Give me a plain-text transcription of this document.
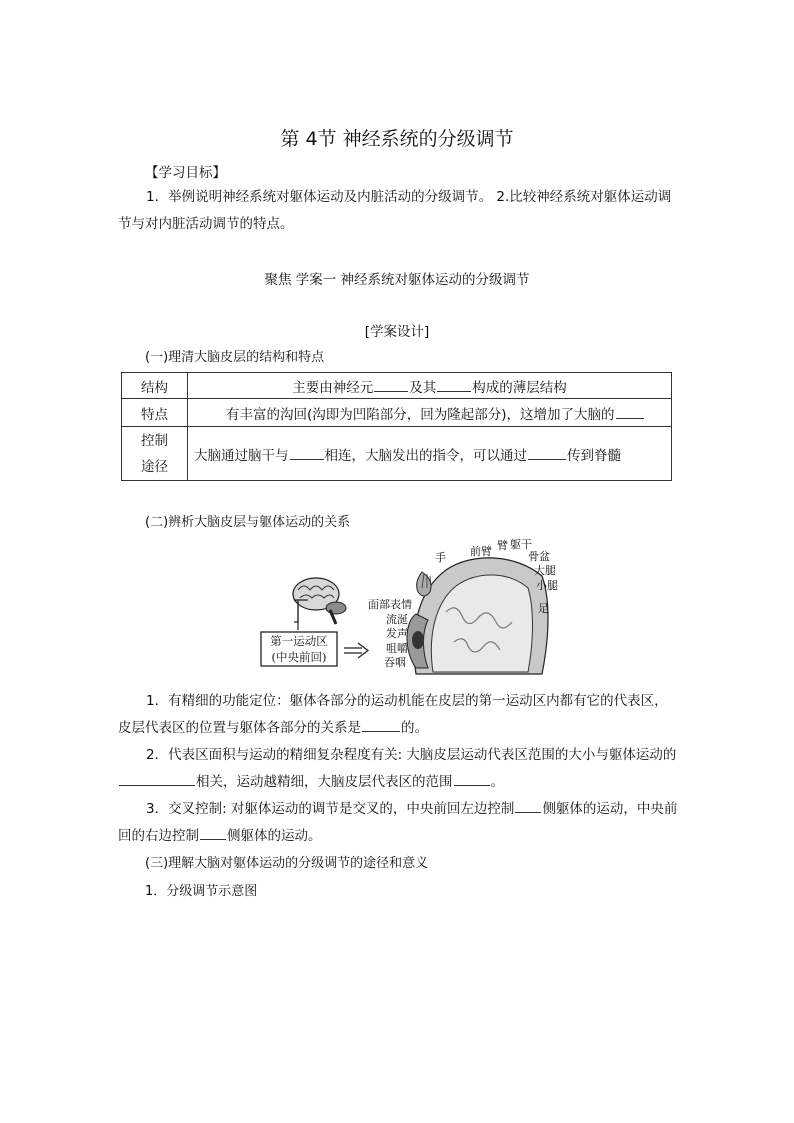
第 4节 神经系统的分级调节
【学习目标】
1．举例说明神经系统对躯体运动及内脏活动的分级调节。 2.比较神经系统对躯体运动调节与对内脏活动调节的特点。
聚焦 学案一 神经系统对躯体运动的分级调节
[学案设计]
(一)理清大脑皮层的结构和特点
结构	主要由神经元 及其 构成的薄层结构
特点	有丰富的沟回(沟即为凹陷部分，回为隆起部分)，这增加了大脑的

控制
途径	大脑通过脑干与 相连，大脑发出的指令，可以通过 传到脊髓
(二)辨析大脑皮层与躯体运动的关系
第一运动区
(中央前回)
手 前臂 臂 躯干
骨盆
大腿
小腿
足
面部表情
流涎
发声
咀嚼
吞咽
1．有精细的功能定位：躯体各部分的运动机能在皮层的第一运动区内都有它的代表区，皮层代表区的位置与躯体各部分的关系是	的。
2．代表区面积与运动的精细复杂程度有关: 大脑皮层运动代表区范围的大小与躯体运动的相关，运动越精细，大脑皮层代表区的范围	。
3．交叉控制: 对躯体运动的调节是交叉的，中央前回左边控制 侧躯体的运动，中央前回的右边控制 侧躯体的运动。
(三)理解大脑对躯体运动的分级调节的途径和意义
1．分级调节示意图
